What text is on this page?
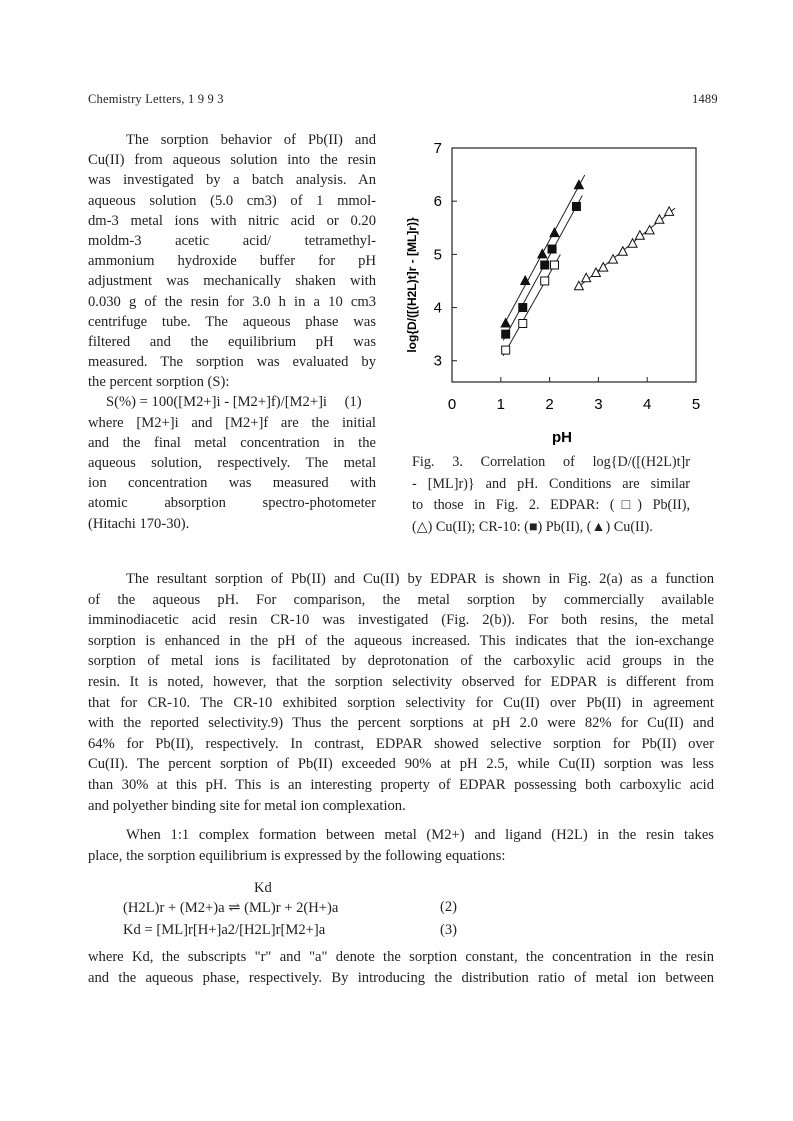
Chemistry Letters, 1 9 9 3	1489
The sorption behavior of Pb(II) and
Cu(II) from aqueous solution into the resin
was investigated by a batch analysis. An
aqueous solution (5.0 cm3) of 1 mmol-
dm-3 metal ions with nitric acid or 0.20
moldm-3 acetic acid/ tetramethyl-
ammonium hydroxide buffer for pH
adjustment was mechanically shaken with
0.030 g of the resin for 3.0 h in a 10 cm3
centrifuge tube. The aqueous phase was
filtered and the equilibrium pH was
measured. The sorption was evaluated by
the percent sorption (S):
S(%) = 100([M2+]i - [M2+]f)/[M2+]i (1)
where [M2+]i and [M2+]f are the initial
and the final metal concentration in the
aqueous solution, respectively. The metal
ion concentration was measured with
atomic absorption spectro-photometer
(Hitachi 170-30).
0	1	2	3	4	5
3
4
5
6
7
pH
log{D/([(H2L)t]r - [ML]r)}
Fig. 3. Correlation of log{D/([(H2L)t]r
- [ML]r)} and pH. Conditions are similar
to those in Fig. 2. EDPAR: (□) Pb(II),
(△) Cu(II); CR-10: (■) Pb(II), (▲) Cu(II).
The resultant sorption of Pb(II) and Cu(II) by EDPAR is shown in Fig. 2(a) as a function
of the aqueous pH. For comparison, the metal sorption by commercially available
imminodiacetic acid resin CR-10 was investigated (Fig. 2(b)). For both resins, the metal
sorption is enhanced in the pH of the aqueous increased. This indicates that the ion-exchange
sorption of metal ions is facilitated by deprotonation of the carboxylic acid groups in the
resin. It is noted, however, that the sorption selectivity observed for EDPAR is different from
that for CR-10. The CR-10 exhibited sorption selectivity for Cu(II) over Pb(II) in agreement
with the reported selectivity.9) Thus the percent sorptions at pH 2.0 were 82% for Cu(II) and
64% for Pb(II), respectively. In contrast, EDPAR showed selective sorption for Pb(II) over
Cu(II). The percent sorption of Pb(II) exceeded 90% at pH 2.5, while Cu(II) sorption was less
than 30% at this pH. This is an interesting property of EDPAR possessing both carboxylic acid
and polyether binding site for metal ion complexation.
When 1:1 complex formation between metal (M2+) and ligand (H2L) in the resin takes
place, the sorption equilibrium is expressed by the following equations:
Kd
(H2L)r + (M2+)a ⇌ (ML)r + 2(H+)a	(2)
Kd = [ML]r[H+]a2/[H2L]r[M2+]a	(3)
where Kd, the subscripts "r" and "a" denote the sorption constant, the concentration in the resin
and the aqueous phase, respectively. By introducing the distribution ratio of metal ion between
